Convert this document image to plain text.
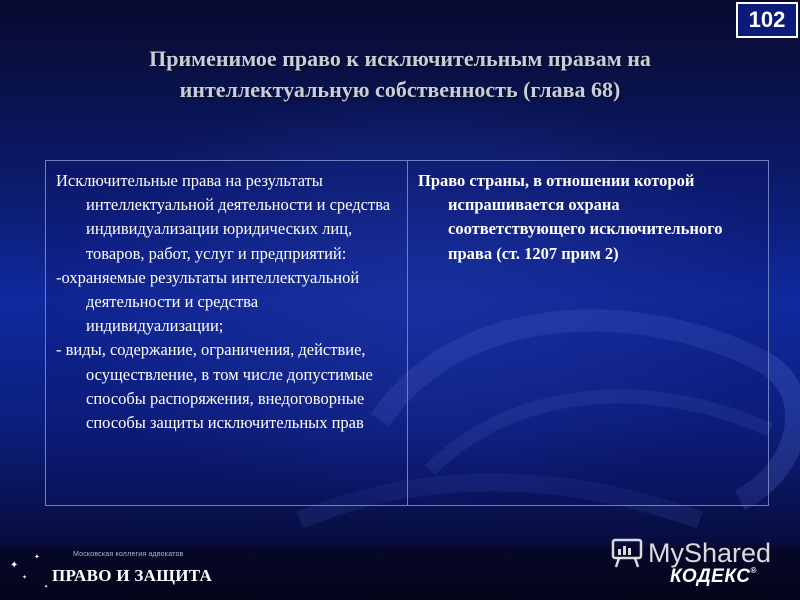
102
Применимое право к исключительным правам на
интеллектуальную собственность (глава 68)

Исключительные права на результаты интеллектуальной деятельности и средства индивидуализации юридических лиц, товаров, работ, услуг и предприятий:

-охраняемые результаты интеллектуальной деятельности и средства индивидуализации;

- виды, содержание, ограничения, действие, осуществление, в том числе допустимые способы распоряжения, внедоговорные способы защиты исключительных прав

Право страны, в отношении которой испрашивается охрана соответствующего исключительного права (ст. 1207 прим 2)

✦
✦
✦
✦
Московская коллегия адвокатов
ПРАВО И ЗАЩИТА
MyShared
КОДЕКС®
